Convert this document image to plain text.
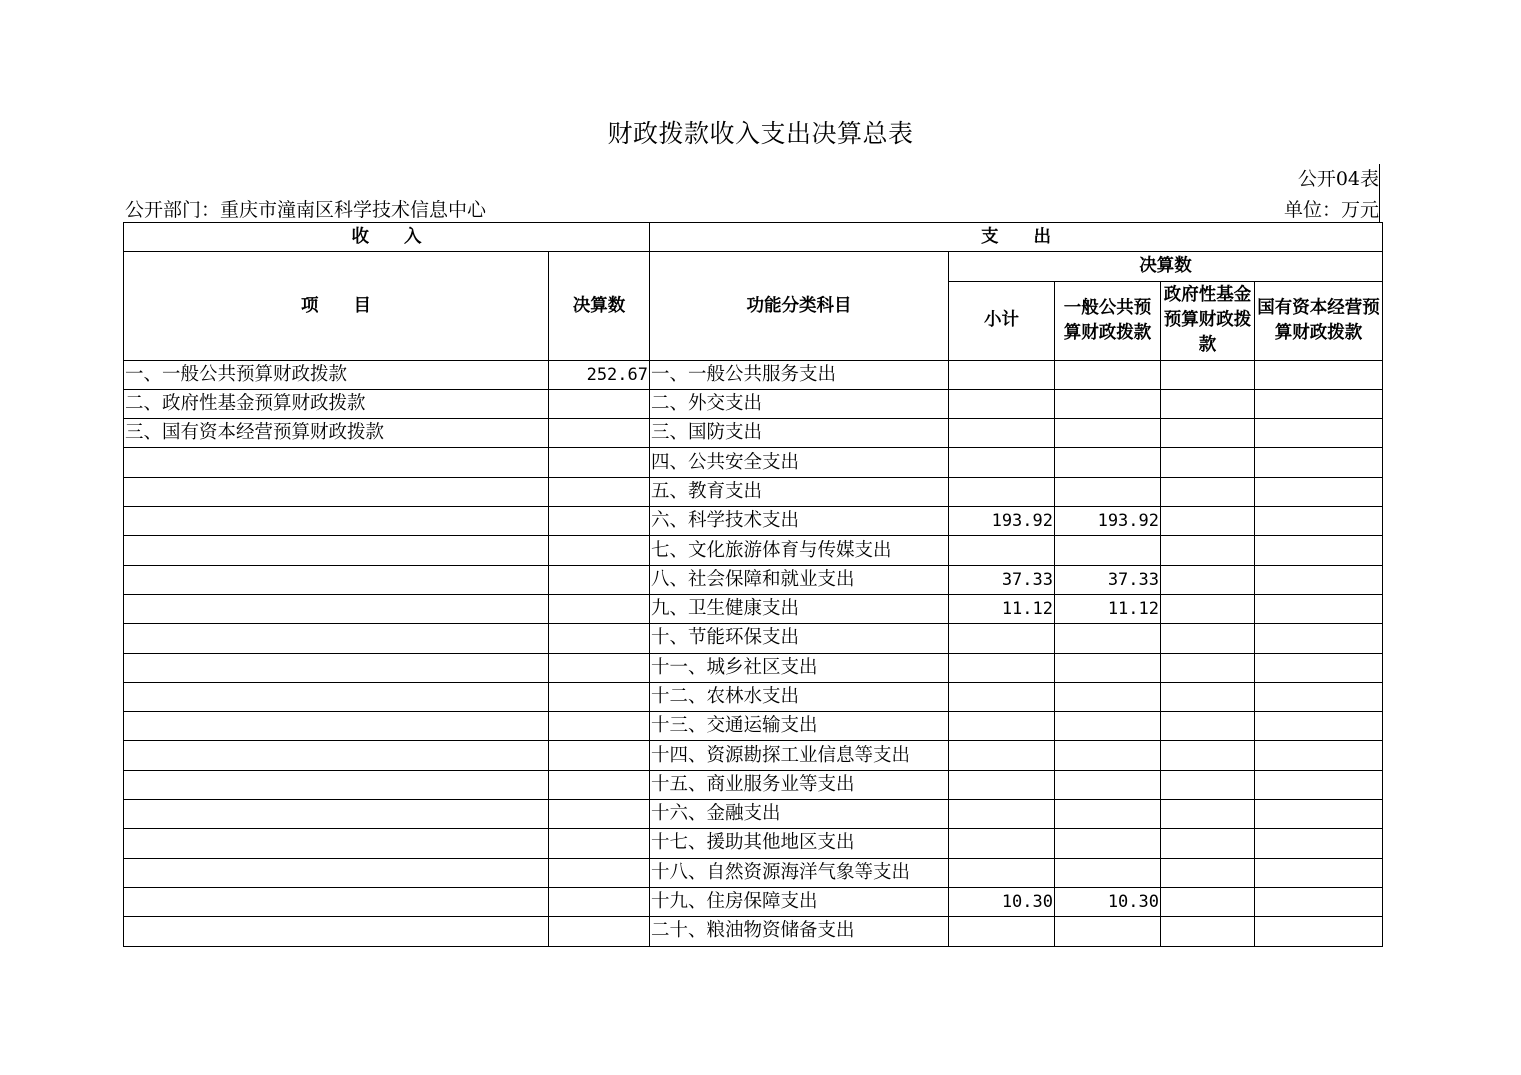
财政拨款收入支出决算总表
公开04表
公开部门：重庆市潼南区科学技术信息中心	单位：万元
收　　入		支　　出				
项　　目	决算数	功能分类科目	决算数			
			小计	一般公共预算财政拨款	政府性基金预算财政拨款	国有资本经营预算财政拨款
一、一般公共预算财政拨款	252.67	一、一般公共服务支出				
二、政府性基金预算财政拨款		二、外交支出				
三、国有资本经营预算财政拨款		三、国防支出				
		四、公共安全支出				
		五、教育支出				
		六、科学技术支出	193.92	193.92		
		七、文化旅游体育与传媒支出				
		八、社会保障和就业支出	37.33	37.33		
		九、卫生健康支出	11.12	11.12		
		十、节能环保支出				
		十一、城乡社区支出				
		十二、农林水支出				
		十三、交通运输支出				
		十四、资源勘探工业信息等支出				
		十五、商业服务业等支出				
		十六、金融支出				
		十七、援助其他地区支出				
		十八、自然资源海洋气象等支出				
		十九、住房保障支出	10.30	10.30		
		二十、粮油物资储备支出				
